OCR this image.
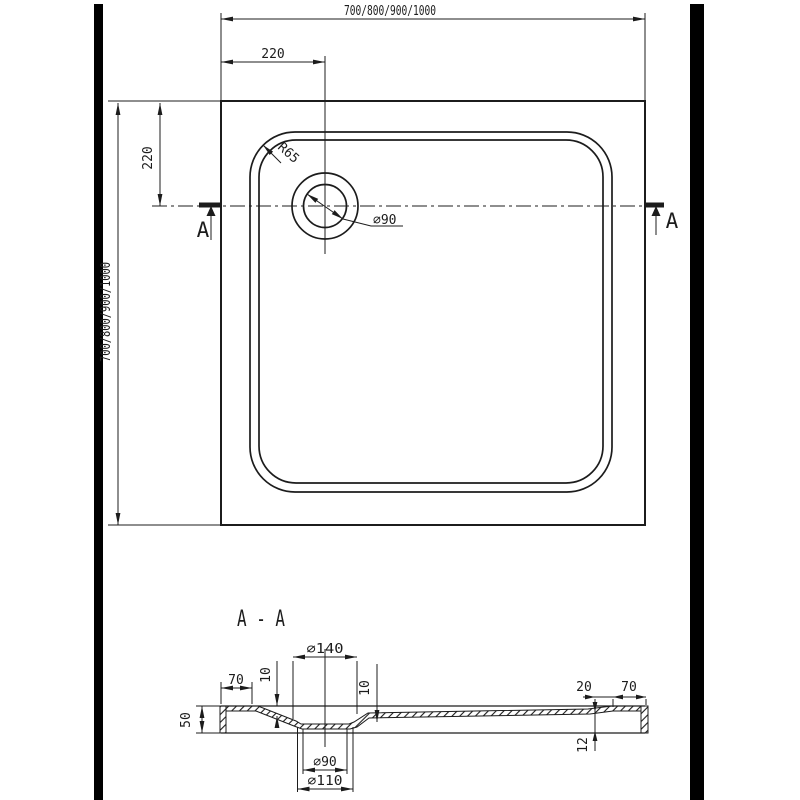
⌀90
R65
700/800/900/1000
220
700/800/900/1000
220
A	A
A - A
⌀140
70 10
10
50
20 70
12
⌀90
⌀110
